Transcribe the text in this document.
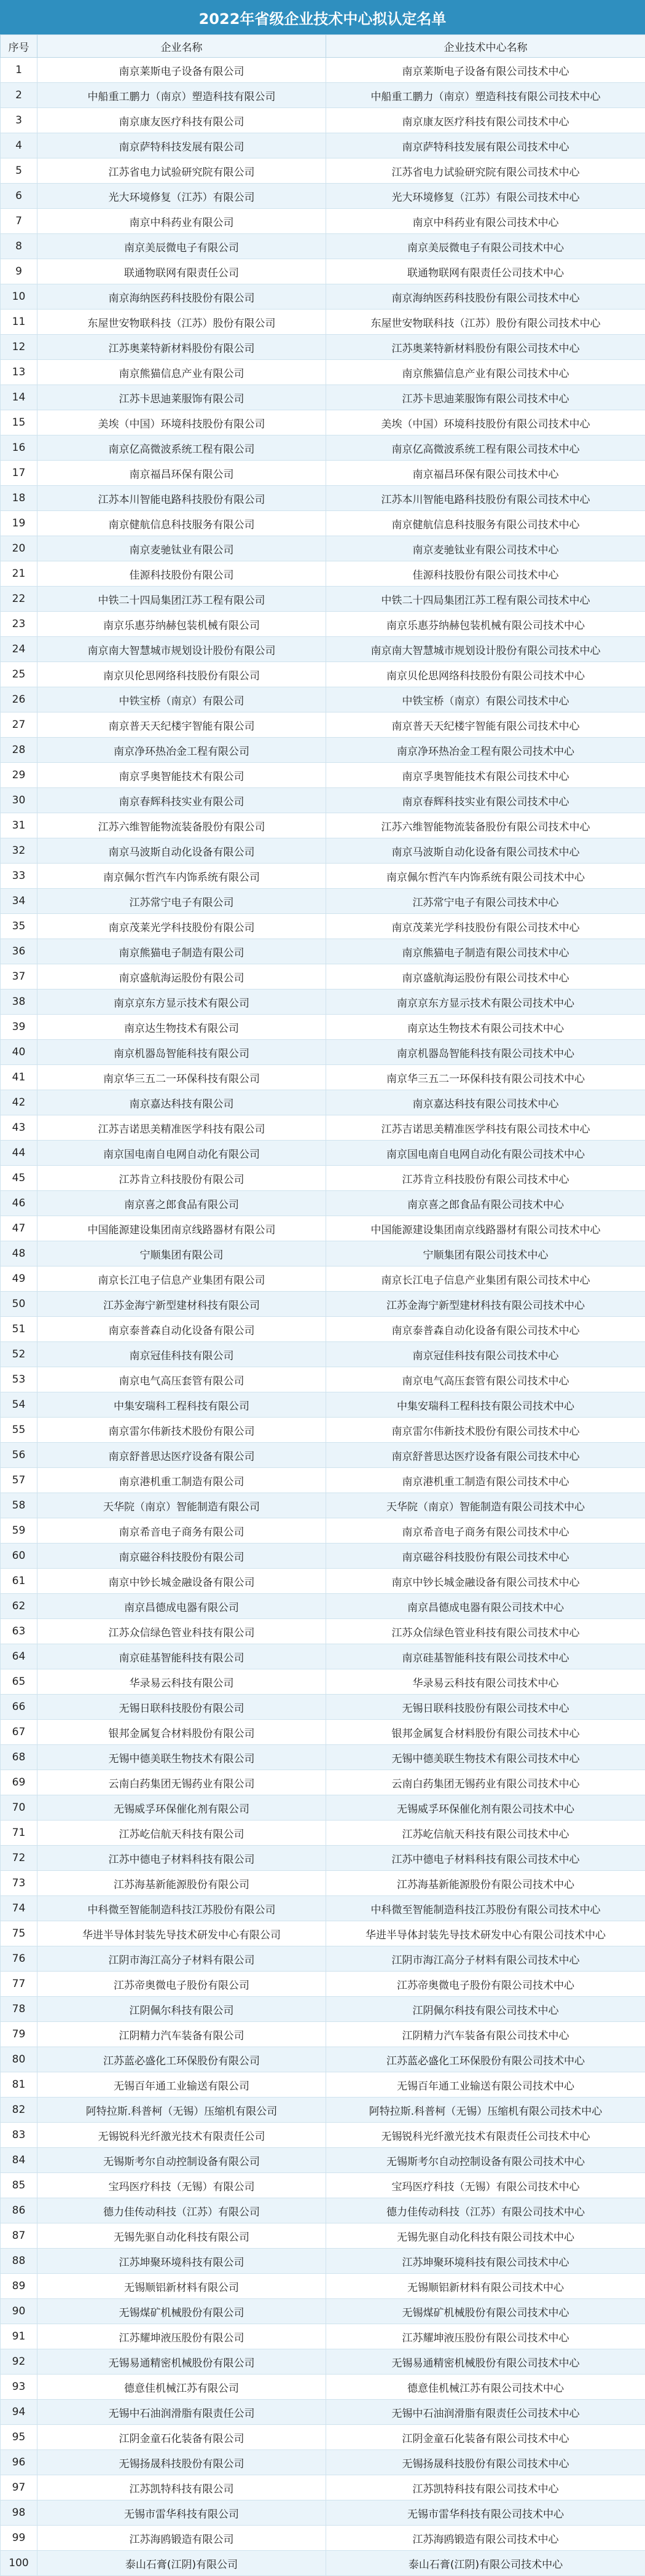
2022年省级企业技术中心拟认定名单
序号	企业名称	企业技术中心名称
1	南京莱斯电子设备有限公司	南京莱斯电子设备有限公司技术中心
2	中船重工鹏力（南京）塑造科技有限公司	中船重工鹏力（南京）塑造科技有限公司技术中心
3	南京康友医疗科技有限公司	南京康友医疗科技有限公司技术中心
4	南京萨特科技发展有限公司	南京萨特科技发展有限公司技术中心
5	江苏省电力试验研究院有限公司	江苏省电力试验研究院有限公司技术中心
6	光大环境修复（江苏）有限公司	光大环境修复（江苏）有限公司技术中心
7	南京中科药业有限公司	南京中科药业有限公司技术中心
8	南京美辰微电子有限公司	南京美辰微电子有限公司技术中心
9	联通物联网有限责任公司	联通物联网有限责任公司技术中心
10	南京海纳医药科技股份有限公司	南京海纳医药科技股份有限公司技术中心
11	东屋世安物联科技（江苏）股份有限公司	东屋世安物联科技（江苏）股份有限公司技术中心
12	江苏奥莱特新材料股份有限公司	江苏奥莱特新材料股份有限公司技术中心
13	南京熊猫信息产业有限公司	南京熊猫信息产业有限公司技术中心
14	江苏卡思迪莱服饰有限公司	江苏卡思迪莱服饰有限公司技术中心
15	美埃（中国）环境科技股份有限公司	美埃（中国）环境科技股份有限公司技术中心
16	南京亿高微波系统工程有限公司	南京亿高微波系统工程有限公司技术中心
17	南京福昌环保有限公司	南京福昌环保有限公司技术中心
18	江苏本川智能电路科技股份有限公司	江苏本川智能电路科技股份有限公司技术中心
19	南京健航信息科技服务有限公司	南京健航信息科技服务有限公司技术中心
20	南京麦驰钛业有限公司	南京麦驰钛业有限公司技术中心
21	佳源科技股份有限公司	佳源科技股份有限公司技术中心
22	中铁二十四局集团江苏工程有限公司	中铁二十四局集团江苏工程有限公司技术中心
23	南京乐惠芬纳赫包装机械有限公司	南京乐惠芬纳赫包装机械有限公司技术中心
24	南京南大智慧城市规划设计股份有限公司	南京南大智慧城市规划设计股份有限公司技术中心
25	南京贝伦思网络科技股份有限公司	南京贝伦思网络科技股份有限公司技术中心
26	中铁宝桥（南京）有限公司	中铁宝桥（南京）有限公司技术中心
27	南京普天天纪楼宇智能有限公司	南京普天天纪楼宇智能有限公司技术中心
28	南京净环热冶金工程有限公司	南京净环热冶金工程有限公司技术中心
29	南京孚奥智能技术有限公司	南京孚奥智能技术有限公司技术中心
30	南京春辉科技实业有限公司	南京春辉科技实业有限公司技术中心
31	江苏六维智能物流装备股份有限公司	江苏六维智能物流装备股份有限公司技术中心
32	南京马波斯自动化设备有限公司	南京马波斯自动化设备有限公司技术中心
33	南京佩尔哲汽车内饰系统有限公司	南京佩尔哲汽车内饰系统有限公司技术中心
34	江苏常宁电子有限公司	江苏常宁电子有限公司技术中心
35	南京茂莱光学科技股份有限公司	南京茂莱光学科技股份有限公司技术中心
36	南京熊猫电子制造有限公司	南京熊猫电子制造有限公司技术中心
37	南京盛航海运股份有限公司	南京盛航海运股份有限公司技术中心
38	南京京东方显示技术有限公司	南京京东方显示技术有限公司技术中心
39	南京达生物技术有限公司	南京达生物技术有限公司技术中心
40	南京机器岛智能科技有限公司	南京机器岛智能科技有限公司技术中心
41	南京华三五二一环保科技有限公司	南京华三五二一环保科技有限公司技术中心
42	南京嘉达科技有限公司	南京嘉达科技有限公司技术中心
43	江苏吉诺思美精准医学科技有限公司	江苏吉诺思美精准医学科技有限公司技术中心
44	南京国电南自电网自动化有限公司	南京国电南自电网自动化有限公司技术中心
45	江苏肯立科技股份有限公司	江苏肯立科技股份有限公司技术中心
46	南京喜之郎食品有限公司	南京喜之郎食品有限公司技术中心
47	中国能源建设集团南京线路器材有限公司	中国能源建设集团南京线路器材有限公司技术中心
48	宁顺集团有限公司	宁顺集团有限公司技术中心
49	南京长江电子信息产业集团有限公司	南京长江电子信息产业集团有限公司技术中心
50	江苏金海宁新型建材科技有限公司	江苏金海宁新型建材科技有限公司技术中心
51	南京泰普森自动化设备有限公司	南京泰普森自动化设备有限公司技术中心
52	南京冠佳科技有限公司	南京冠佳科技有限公司技术中心
53	南京电气高压套管有限公司	南京电气高压套管有限公司技术中心
54	中集安瑞科工程科技有限公司	中集安瑞科工程科技有限公司技术中心
55	南京雷尔伟新技术股份有限公司	南京雷尔伟新技术股份有限公司技术中心
56	南京舒普思达医疗设备有限公司	南京舒普思达医疗设备有限公司技术中心
57	南京港机重工制造有限公司	南京港机重工制造有限公司技术中心
58	天华院（南京）智能制造有限公司	天华院（南京）智能制造有限公司技术中心
59	南京希音电子商务有限公司	南京希音电子商务有限公司技术中心
60	南京磁谷科技股份有限公司	南京磁谷科技股份有限公司技术中心
61	南京中钞长城金融设备有限公司	南京中钞长城金融设备有限公司技术中心
62	南京昌德成电器有限公司	南京昌德成电器有限公司技术中心
63	江苏众信绿色管业科技有限公司	江苏众信绿色管业科技有限公司技术中心
64	南京硅基智能科技有限公司	南京硅基智能科技有限公司技术中心
65	华录易云科技有限公司	华录易云科技有限公司技术中心
66	无锡日联科技股份有限公司	无锡日联科技股份有限公司技术中心
67	银邦金属复合材料股份有限公司	银邦金属复合材料股份有限公司技术中心
68	无锡中德美联生物技术有限公司	无锡中德美联生物技术有限公司技术中心
69	云南白药集团无锡药业有限公司	云南白药集团无锡药业有限公司技术中心
70	无锡威孚环保催化剂有限公司	无锡威孚环保催化剂有限公司技术中心
71	江苏屹信航天科技有限公司	江苏屹信航天科技有限公司技术中心
72	江苏中德电子材料科技有限公司	江苏中德电子材料科技有限公司技术中心
73	江苏海基新能源股份有限公司	江苏海基新能源股份有限公司技术中心
74	中科微至智能制造科技江苏股份有限公司	中科微至智能制造科技江苏股份有限公司技术中心
75	华进半导体封装先导技术研发中心有限公司	华进半导体封装先导技术研发中心有限公司技术中心
76	江阴市海江高分子材料有限公司	江阴市海江高分子材料有限公司技术中心
77	江苏帝奥微电子股份有限公司	江苏帝奥微电子股份有限公司技术中心
78	江阴佩尔科技有限公司	江阴佩尔科技有限公司技术中心
79	江阴精力汽车装备有限公司	江阴精力汽车装备有限公司技术中心
80	江苏蓝必盛化工环保股份有限公司	江苏蓝必盛化工环保股份有限公司技术中心
81	无锡百年通工业输送有限公司	无锡百年通工业输送有限公司技术中心
82	阿特拉斯.科普柯（无锡）压缩机有限公司	阿特拉斯.科普柯（无锡）压缩机有限公司技术中心
83	无锡锐科光纤激光技术有限责任公司	无锡锐科光纤激光技术有限责任公司技术中心
84	无锡斯考尔自动控制设备有限公司	无锡斯考尔自动控制设备有限公司技术中心
85	宝玛医疗科技（无锡）有限公司	宝玛医疗科技（无锡）有限公司技术中心
86	德力佳传动科技（江苏）有限公司	德力佳传动科技（江苏）有限公司技术中心
87	无锡先驱自动化科技有限公司	无锡先驱自动化科技有限公司技术中心
88	江苏坤聚环境科技有限公司	江苏坤聚环境科技有限公司技术中心
89	无锡顺铝新材料有限公司	无锡顺铝新材料有限公司技术中心
90	无锡煤矿机械股份有限公司	无锡煤矿机械股份有限公司技术中心
91	江苏耀坤液压股份有限公司	江苏耀坤液压股份有限公司技术中心
92	无锡易通精密机械股份有限公司	无锡易通精密机械股份有限公司技术中心
93	德意佳机械江苏有限公司	德意佳机械江苏有限公司技术中心
94	无锡中石油润滑脂有限责任公司	无锡中石油润滑脂有限责任公司技术中心
95	江阴金童石化装备有限公司	江阴金童石化装备有限公司技术中心
96	无锡扬晟科技股份有限公司	无锡扬晟科技股份有限公司技术中心
97	江苏凯特科技有限公司	江苏凯特科技有限公司技术中心
98	无锡市雷华科技有限公司	无锡市雷华科技有限公司技术中心
99	江苏海鸥锻造有限公司	江苏海鸥锻造有限公司技术中心
100	泰山石膏(江阴)有限公司	泰山石膏(江阴)有限公司技术中心
